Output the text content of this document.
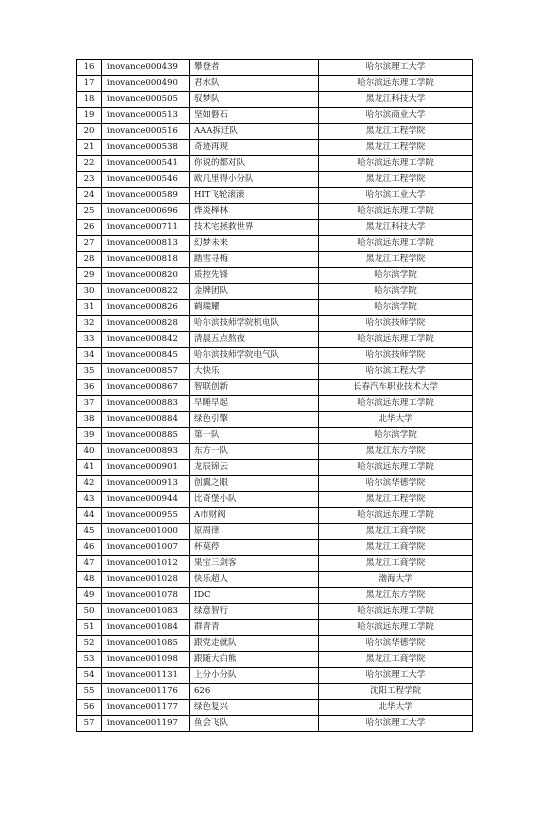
16	inovance000439	攀登者	哈尔滨理工大学
17	inovance000490	君水队	哈尔滨远东理工学院
18	inovance000505	驭梦队	黑龙江科技大学
19	inovance000513	坚如磐石	哈尔滨商业大学
20	inovance000516	AAA拆迁队	黑龙江工程学院
21	inovance000538	奇迹再现	黑龙江工程学院
22	inovance000541	你说的都对队	哈尔滨远东理工学院
23	inovance000546	欧几里得小分队	黑龙江工程学院
24	inovance000589	HIT飞轮滚滚	哈尔滨工业大学
25	inovance000696	烨炎榉林	哈尔滨远东理工学院
26	inovance000711	技术宅拯救世界	黑龙江科技大学
27	inovance000813	幻梦未来	哈尔滨远东理工学院
28	inovance000818	踏雪寻梅	黑龙江工程学院
29	inovance000820	质控先锋	哈尔滨学院
30	inovance000822	金牌团队	哈尔滨学院
31	inovance000826	鹤瑞耀	哈尔滨学院
32	inovance000828	哈尔滨技师学院机电队	哈尔滨技师学院
33	inovance000842	清晨五点熬夜	哈尔滨远东理工学院
34	inovance000845	哈尔滨技师学院电气队	哈尔滨技师学院
35	inovance000857	大快乐	哈尔滨工程大学
36	inovance000867	智联创新	长春汽车职业技术大学
37	inovance000883	早睡早起	哈尔滨远东理工学院
38	inovance000884	绿色引擎	北华大学
39	inovance000885	第一队	哈尔滨学院
40	inovance000893	东方一队	黑龙江东方学院
41	inovance000901	龙辰锦云	哈尔滨远东理工学院
42	inovance000913	创翼之眼	哈尔滨华德学院
43	inovance000944	比奇堡小队	黑龙江工程学院
44	inovance000955	A市财阀	哈尔滨远东理工学院
45	inovance001000	原周律	黑龙江工商学院
46	inovance001007	杯莫停	黑龙江工商学院
47	inovance001012	果宝三剑客	黑龙江工商学院
48	inovance001028	快乐超人	渤海大学
49	inovance001078	IDC	黑龙江东方学院
50	inovance001083	绿意智行	哈尔滨远东理工学院
51	inovance001084	群青青	哈尔滨远东理工学院
52	inovance001085	跟党走就队	哈尔滨华德学院
53	inovance001098	跟随大白熊	黑龙江工商学院
54	inovance001131	上分小分队	哈尔滨理工大学
55	inovance001176	626	沈阳工程学院
56	inovance001177	绿色复兴	北华大学
57	inovance001197	鱼会飞队	哈尔滨理工大学
